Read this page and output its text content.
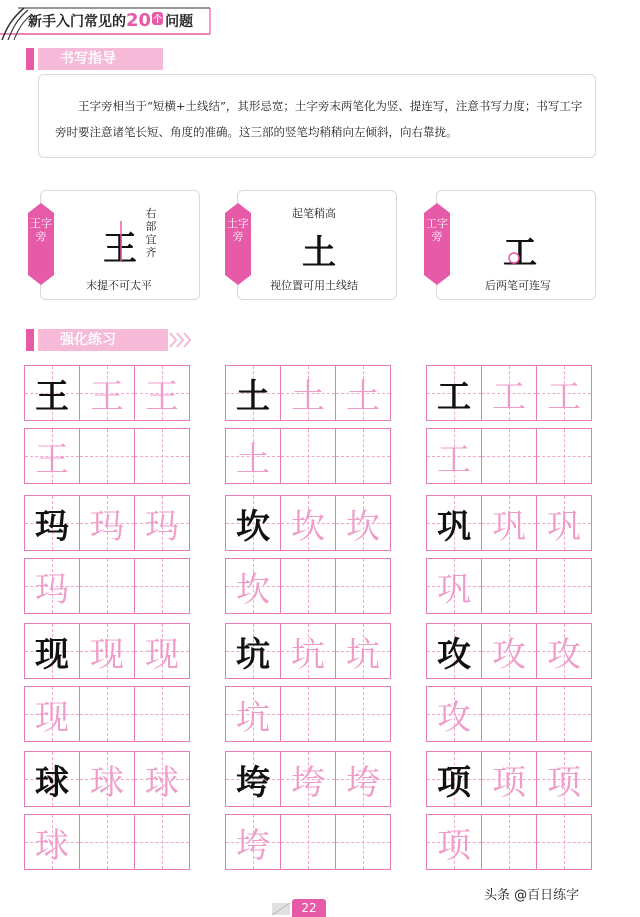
新手入门常见的20 个 问题
书写指导

王字旁相当于“短横+土线结”，其形忌宽；土字旁末两笔化为竖、提连写，注意书写力度；书写工字旁时要注意诸笔长短、角度的准确。这三部的竖笔均稍稍向左倾斜，向右靠拢。

王字旁 王
右部宜齐
末提不可太平
土字旁
起笔稍高
土
视位置可用土线结
工字旁 工
后两笔可连写
强化练习
王 王 王
王
玛 玛 玛
玛
现 现 现
现
球 球 球
球
土 土 土
土
坎 坎 坎
坎
坑 坑 坑
坑
垮 垮 垮
垮
工 工 工
工
巩 巩 巩
巩
攻 攻 攻
攻
项 项 项
项
22
头条 @百日练字
